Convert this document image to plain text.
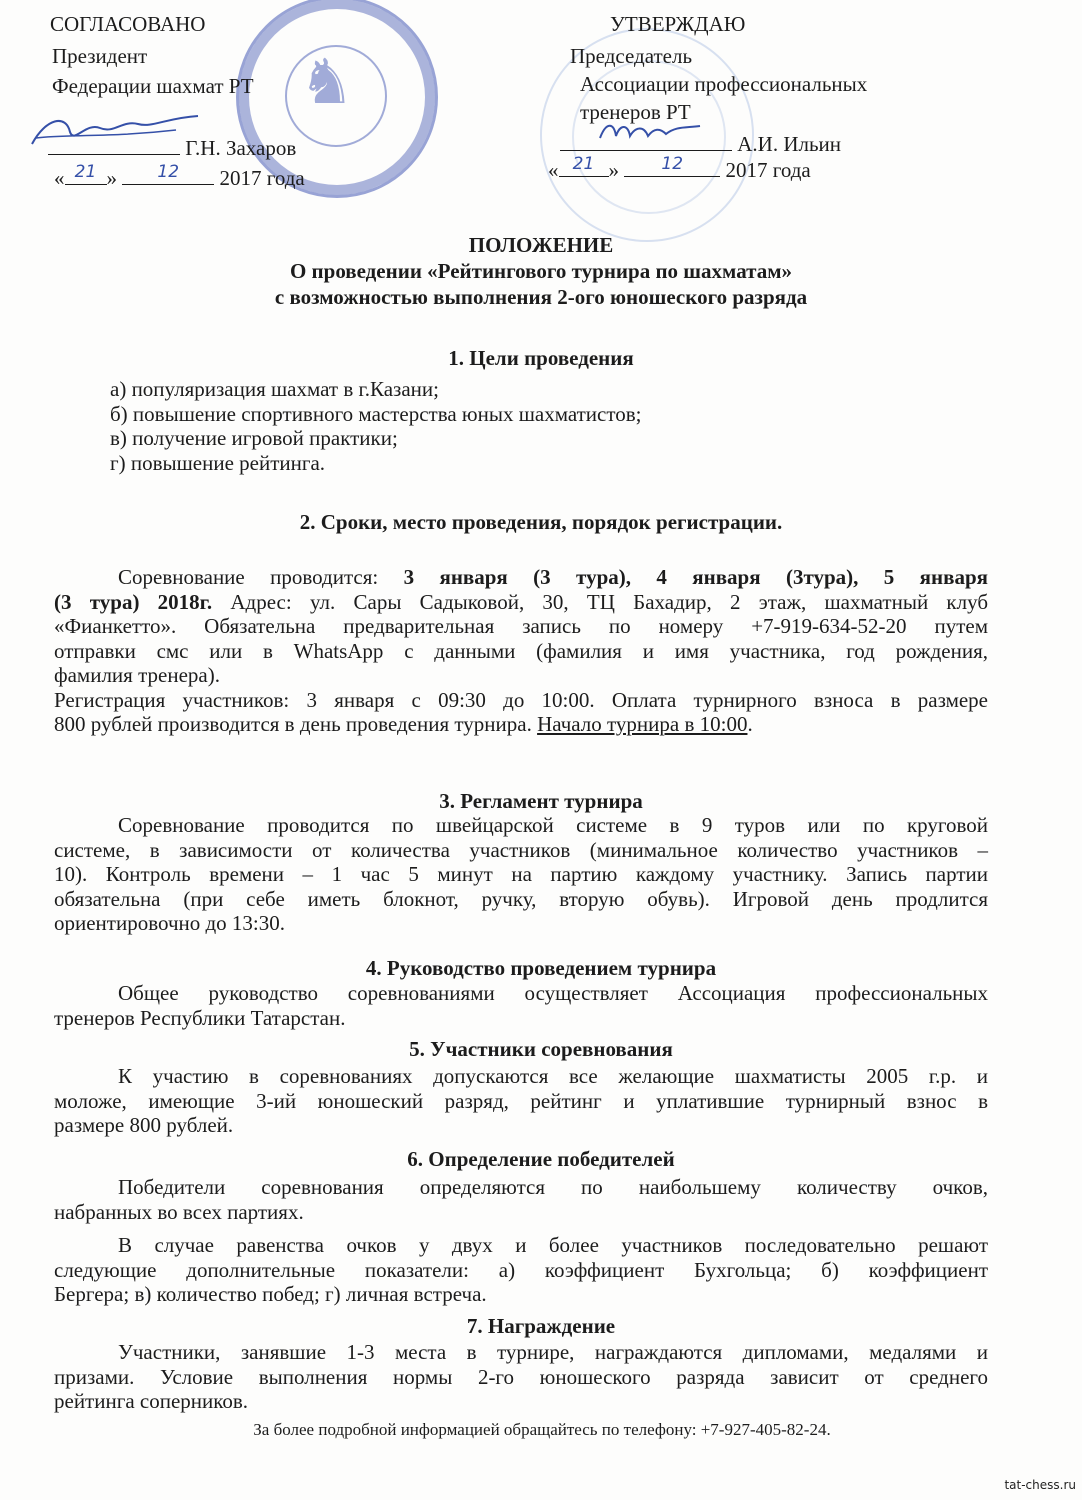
♞
СОГЛАСОВАНО
Президент
Федерации шахмат РТ
Г.Н. Захаров
« 21 »	12	2017 года
УТВЕРЖДАЮ
Председатель
Ассоциации профессиональных
тренеров РТ
А.И. Ильин
« 21 »	12	2017 года
ПОЛОЖЕНИЕ
О проведении «Рейтингового турнира по шахматам»
с возможностью выполнения 2-ого юношеского разряда
1. Цели проведения
а) популяризация шахмат в г.Казани;
б) повышение спортивного мастерства юных шахматистов;
в) получение игровой практики;
г) повышение рейтинга.
2. Сроки, место проведения, порядок регистрации.
Соревнование проводится: 3 января (3 тура), 4 января (3тура), 5 января
(3 тура) 2018г. Адрес: ул. Сары Садыковой, 30, ТЦ Бахадир, 2 этаж, шахматный клуб
«Фианкетто». Обязательна предварительная запись по номеру +7-919-634-52-20 путем
отправки смс или в WhatsApp с данными (фамилия и имя участника, год рождения,
фамилия тренера).
Регистрация участников: 3 января с 09:30 до 10:00. Оплата турнирного взноса в размере
800 рублей производится в день проведения турнира. Начало турнира в 10:00.
3. Регламент турнира
Соревнование проводится по швейцарской системе в 9 туров или по круговой
системе, в зависимости от количества участников (минимальное количество участников –
10). Контроль времени – 1 час 5 минут на партию каждому участнику. Запись партии
обязательна (при себе иметь блокнот, ручку, вторую обувь). Игровой день продлится
ориентировочно до 13:30.
4. Руководство проведением турнира
Общее руководство соревнованиями осуществляет Ассоциация профессиональных
тренеров Республики Татарстан.
5. Участники соревнования
К участию в соревнованиях допускаются все желающие шахматисты 2005 г.р. и
моложе, имеющие 3-ий юношеский разряд, рейтинг и уплатившие турнирный взнос в
размере 800 рублей.
6. Определение победителей
Победители соревнования определяются по наибольшему количеству очков,
набранных во всех партиях.
В случае равенства очков у двух и более участников последовательно решают
следующие дополнительные показатели: а) коэффициент Бухгольца; б) коэффициент
Бергера; в) количество побед; г) личная встреча.
7. Награждение
Участники, занявшие 1-3 места в турнире, награждаются дипломами, медалями и
призами. Условие выполнения нормы 2-го юношеского разряда зависит от среднего
рейтинга соперников.
За более подробной информацией обращайтесь по телефону: +7-927-405-82-24.
tat-chess.ru
